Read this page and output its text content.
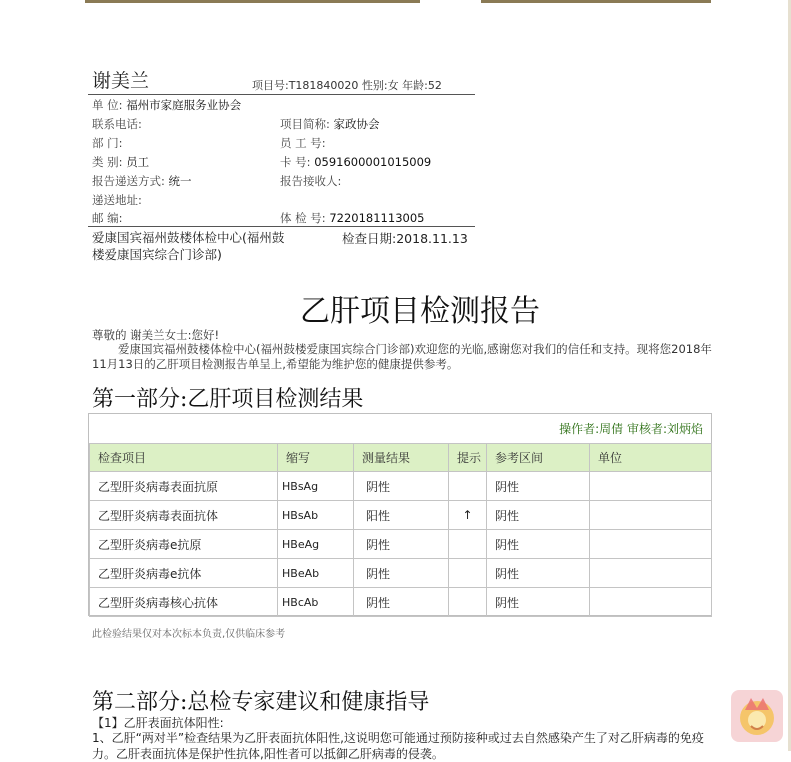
谢美兰	项目号:T181840020 性别:女 年龄:52
单 位: 福州市家庭服务业协会
联系电话:	项目简称: 家政协会
部 门:	员 工 号:
类 别: 员工	卡 号: 0591600001015009
报告递送方式: 统一	报告接收人:
递送地址:
邮 编:	体 检 号: 7220181113005
爱康国宾福州鼓楼体检中心(福州鼓楼爱康国宾综合门诊部)
检查日期:2018.11.13
乙肝项目检测报告
尊敬的 谢美兰女士:您好!
爱康国宾福州鼓楼体检中心(福州鼓楼爱康国宾综合门诊部)欢迎您的光临,感谢您对我们的信任和支持。现将您2018年11月13日的乙肝项目检测报告单呈上,希望能为维护您的健康提供参考。
第一部分:乙肝项目检测结果
操作者:周倩 审核者:刘炳焰
检查项目	缩写	测量结果	提示	参考区间	单位
乙型肝炎病毒表面抗原	HBsAg	阴性		阴性	
乙型肝炎病毒表面抗体	HBsAb	阳性	↑	阴性	
乙型肝炎病毒e抗原	HBeAg	阴性		阴性	
乙型肝炎病毒e抗体	HBeAb	阴性		阴性	
乙型肝炎病毒核心抗体	HBcAb	阴性		阴性	
此检验结果仅对本次标本负责,仅供临床参考
第二部分:总检专家建议和健康指导
【1】乙肝表面抗体阳性:
1、乙肝“两对半”检查结果为乙肝表面抗体阳性,这说明您可能通过预防接种或过去自然感染产生了对乙肝病毒的免疫力。乙肝表面抗体是保护性抗体,阳性者可以抵御乙肝病毒的侵袭。
